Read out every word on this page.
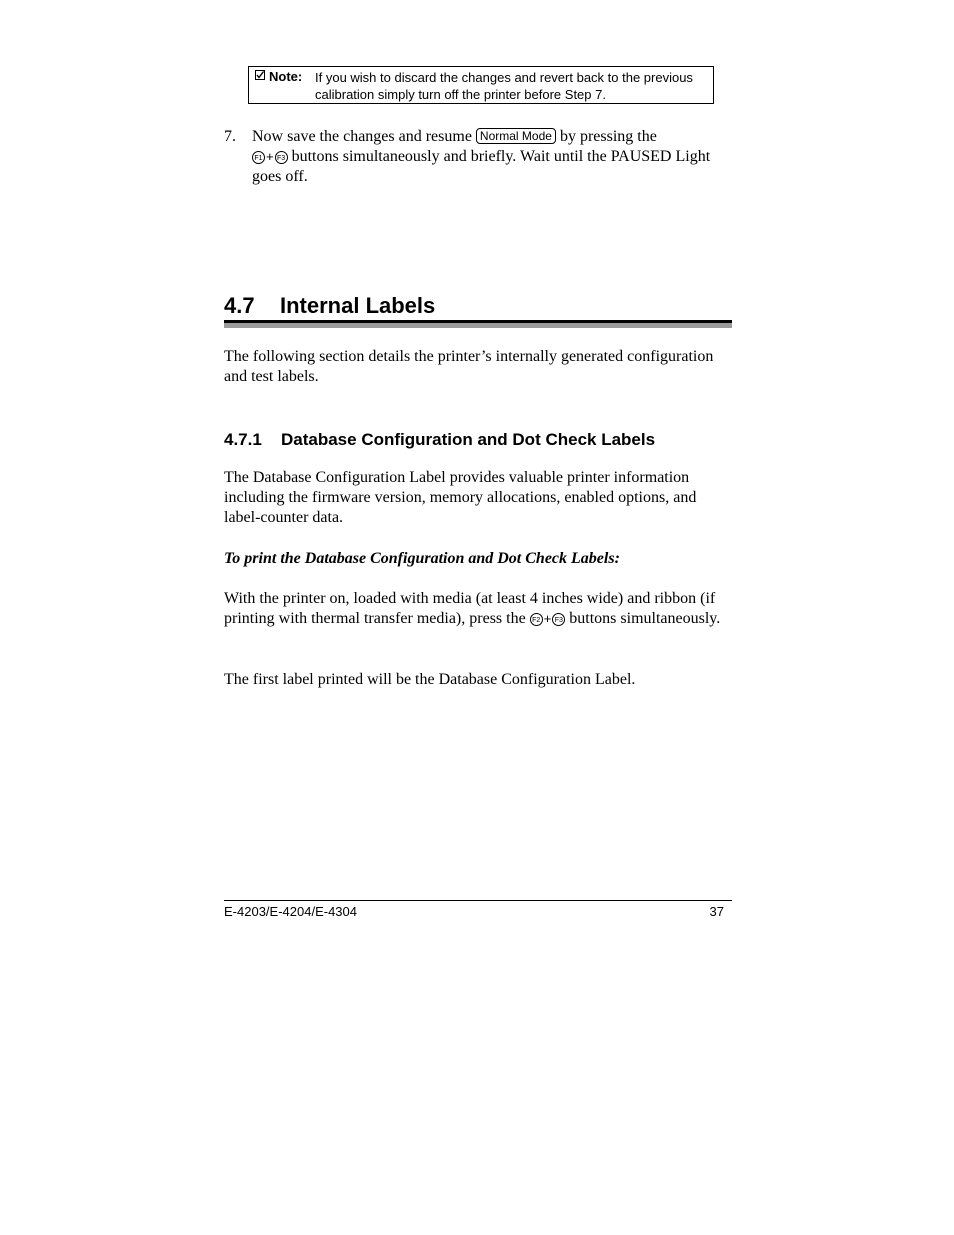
Note: If you wish to discard the changes and revert back to the previous calibration simply turn off the printer before Step 7.
7. Now save the changes and resume Normal Mode by pressing the
F1 + F3 buttons simultaneously and briefly. Wait until the PAUSED Light goes off.
4.7 Internal Labels
The following section details the printer’s internally generated configuration and test labels.
4.7.1 Database Configuration and Dot Check Labels
The Database Configuration Label provides valuable printer information including the firmware version, memory allocations, enabled options, and label-counter data.
To print the Database Configuration and Dot Check Labels:
With the printer on, loaded with media (at least 4 inches wide) and ribbon (if printing with thermal transfer media), press the F2 + F3 buttons simultaneously.
The first label printed will be the Database Configuration Label.
E-4203/E-4204/E-4304	37
